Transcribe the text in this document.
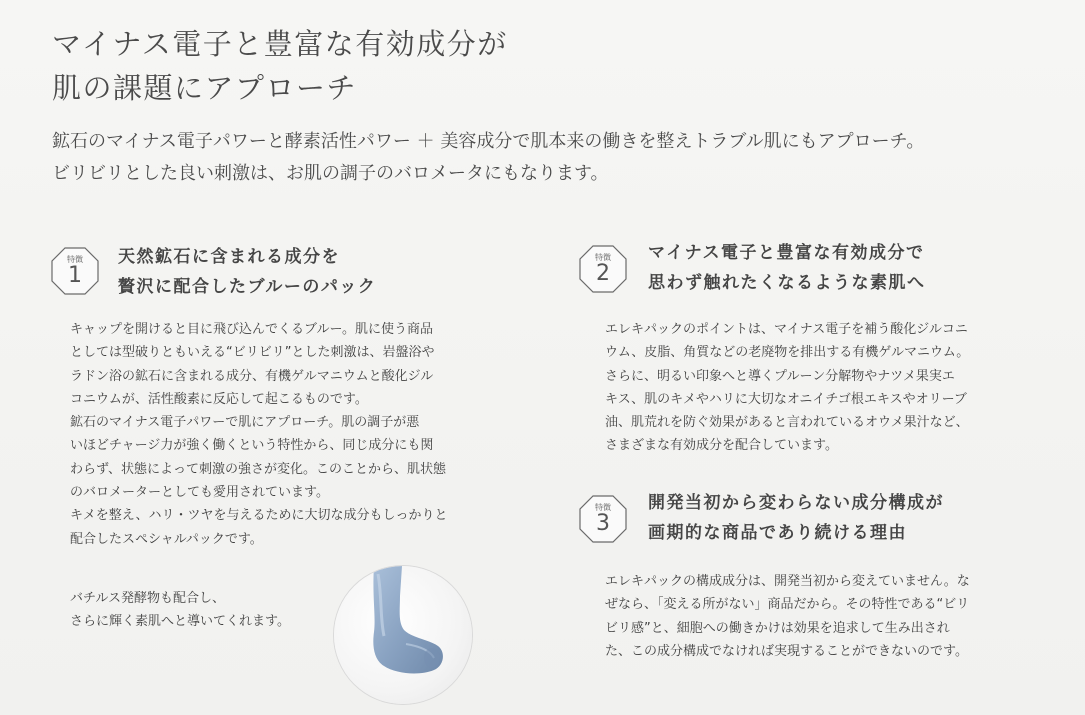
マイナス電子と豊富な有効成分が
肌の課題にアプローチ

鉱石のマイナス電子パワーと酵素活性パワー ＋ 美容成分で肌本来の働きを整えトラブル肌にもアプローチ。
ビリビリとした良い刺激は、お肌の調子のバロメータにもなります。

特徴
1
天然鉱石に含まれる成分を
贅沢に配合したブルーのパック

キャップを開けると目に飛び込んでくるブルー。肌に使う商品
としては型破りともいえる“ビリビリ”とした刺激は、岩盤浴や
ラドン浴の鉱石に含まれる成分、有機ゲルマニウムと酸化ジル
コニウムが、活性酸素に反応して起こるものです。
鉱石のマイナス電子パワーで肌にアプローチ。肌の調子が悪
いほどチャージ力が強く働くという特性から、同じ成分にも関
わらず、状態によって刺激の強さが変化。このことから、肌状態
のバロメーターとしても愛用されています。
キメを整え、ハリ・ツヤを与えるために大切な成分もしっかりと
配合したスペシャルパックです。

バチルス発酵物も配合し、
さらに輝く素肌へと導いてくれます。

特徴
2
マイナス電子と豊富な有効成分で
思わず触れたくなるような素肌へ

エレキパックのポイントは、マイナス電子を補う酸化ジルコニ
ウム、皮脂、角質などの老廃物を排出する有機ゲルマニウム。
さらに、明るい印象へと導くプルーン分解物やナツメ果実エ
キス、肌のキメやハリに大切なオニイチゴ根エキスやオリーブ
油、肌荒れを防ぐ効果があると言われているオウメ果汁など、
さまざまな有効成分を配合しています。

特徴
3
開発当初から変わらない成分構成が
画期的な商品であり続ける理由

エレキパックの構成成分は、開発当初から変えていません。な
ぜなら、「変える所がない」商品だから。その特性である“ビリ
ビリ感”と、細胞への働きかけは効果を追求して生み出され
た、この成分構成でなければ実現することができないのです。
